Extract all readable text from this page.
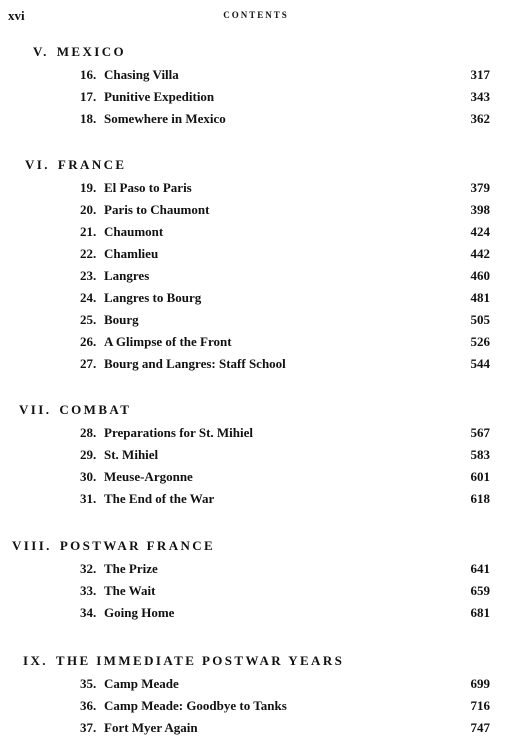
xvi	CONTENTS
V. MEXICO
16. Chasing Villa	317
17. Punitive Expedition	343
18. Somewhere in Mexico	362
VI. FRANCE
19. El Paso to Paris	379
20. Paris to Chaumont	398
21. Chaumont	424
22. Chamlieu	442
23. Langres	460
24. Langres to Bourg	481
25. Bourg	505
26. A Glimpse of the Front	526
27. Bourg and Langres: Staff School	544
VII. COMBAT
28. Preparations for St. Mihiel	567
29. St. Mihiel	583
30. Meuse-Argonne	601
31. The End of the War	618
VIII. POSTWAR FRANCE
32. The Prize	641
33. The Wait	659
34. Going Home	681
IX. THE IMMEDIATE POSTWAR YEARS
35. Camp Meade	699
36. Camp Meade: Goodbye to Tanks	716
37. Fort Myer Again	747
